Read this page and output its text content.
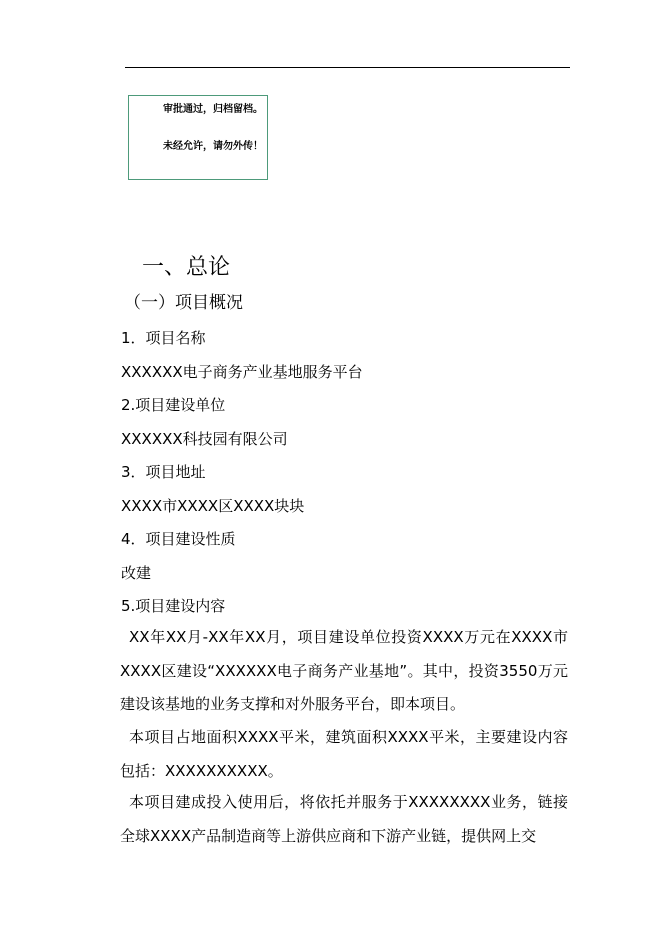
审批通过，归档留档。
未经允许，请勿外传！
一、总论
（一）项目概况
1．项目名称
XXXXXX电子商务产业基地服务平台
2.项目建设单位
XXXXXX科技园有限公司
3．项目地址
XXXX市XXXX区XXXX块块
4．项目建设性质
改建
5.项目建设内容

XX年XX月-XX年XX月，项目建设单位投资XXXX万元在XXXX市XXXX区建设“XXXXXX电子商务产业基地”。其中，投资3550万元建设该基地的业务支撑和对外服务平台，即本项目。

本项目占地面积XXXX平米，建筑面积XXXX平米，主要建设内容包括：XXXXXXXXXX。

本项目建成投入使用后，将依托并服务于XXXXXXXX业务，链接全球XXXX产品制造商等上游供应商和下游产业链，提供网上交
